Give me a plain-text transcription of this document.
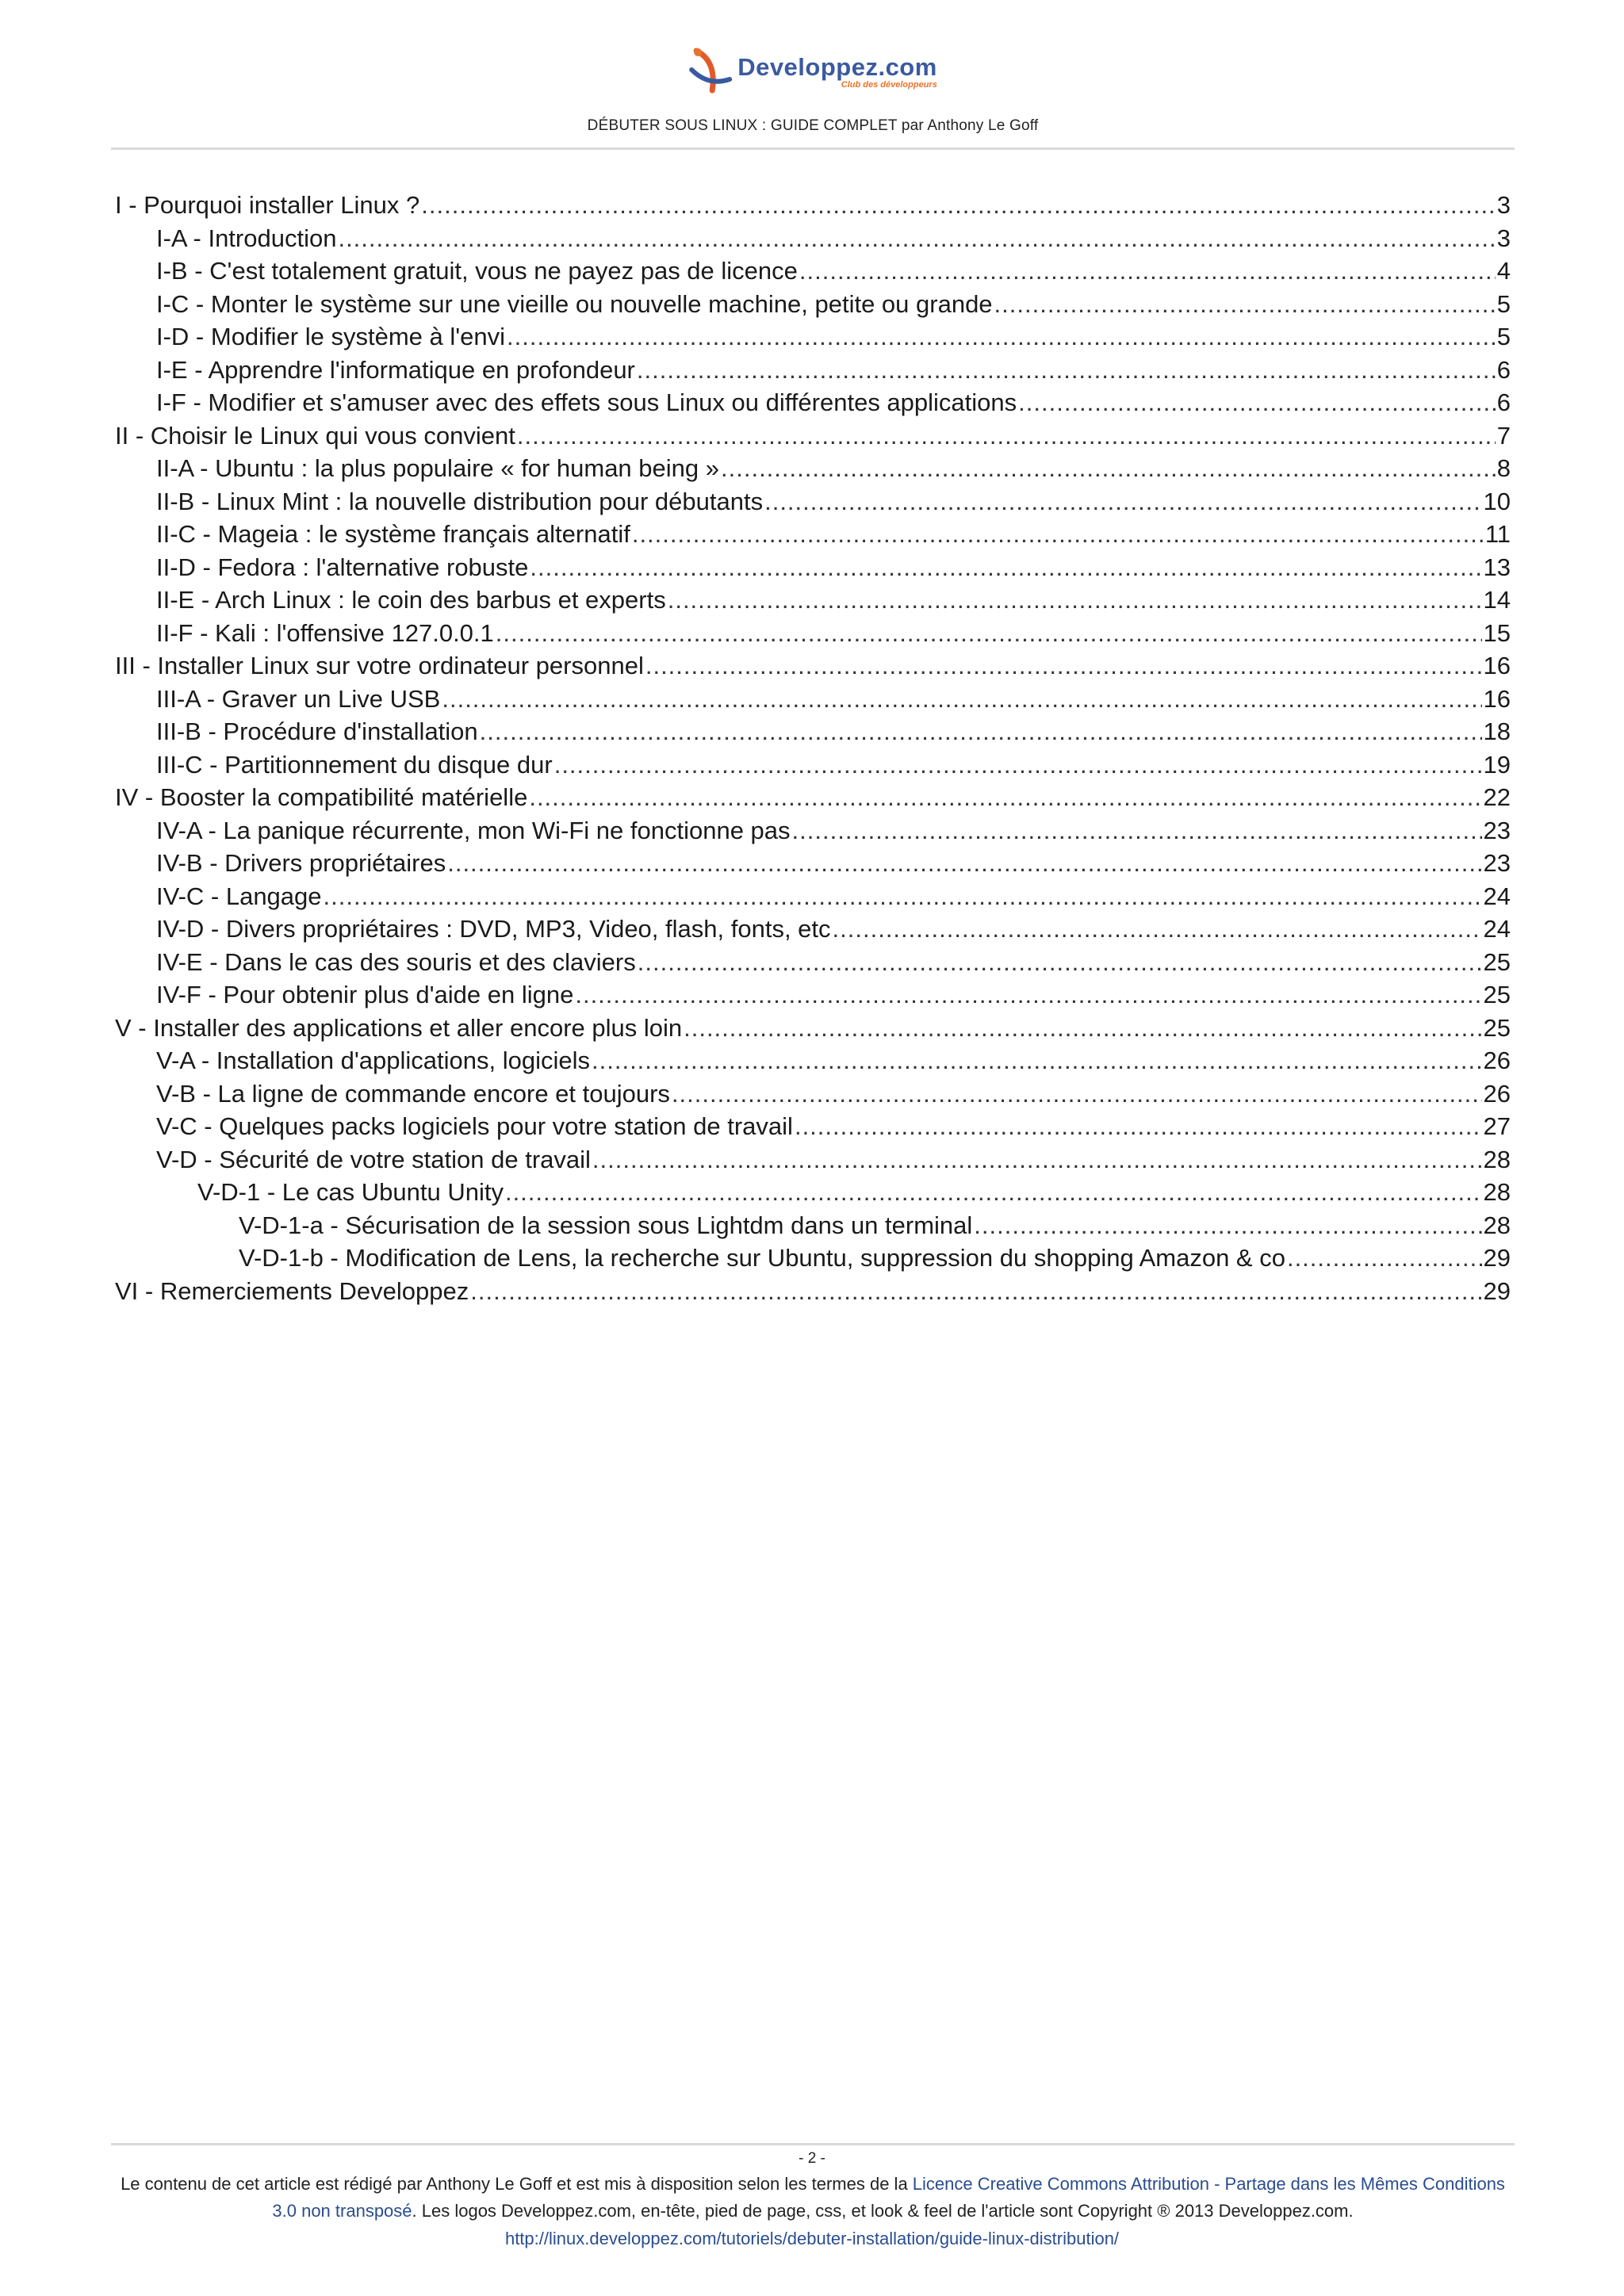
Developpez.com
Club des développeurs
DÉBUTER SOUS LINUX : GUIDE COMPLET par Anthony Le Goff
I - Pourquoi installer Linux ? .....	3
I-A - Introduction .....	3
I-B - C'est totalement gratuit, vous ne payez pas de licence .....	4
I-C - Monter le système sur une vieille ou nouvelle machine, petite ou grande .....	5
I-D - Modifier le système à l'envi .....	5
I-E - Apprendre l'informatique en profondeur .....	6
I-F - Modifier et s'amuser avec des effets sous Linux ou différentes applications .....	6
II - Choisir le Linux qui vous convient .....	7
II-A - Ubuntu : la plus populaire « for human being » .....	8
II-B - Linux Mint : la nouvelle distribution pour débutants .....	10
II-C - Mageia : le système français alternatif .....	11
II-D - Fedora : l'alternative robuste .....	13
II-E - Arch Linux : le coin des barbus et experts .....	14
II-F - Kali : l'offensive 127.0.0.1 .....	15
III - Installer Linux sur votre ordinateur personnel .....	16
III-A - Graver un Live USB .....	16
III-B - Procédure d'installation .....	18
III-C - Partitionnement du disque dur .....	19
IV - Booster la compatibilité matérielle .....	22
IV-A - La panique récurrente, mon Wi-Fi ne fonctionne pas .....	23
IV-B - Drivers propriétaires .....	23
IV-C - Langage .....	24
IV-D - Divers propriétaires : DVD, MP3, Video, flash, fonts, etc .....	24
IV-E - Dans le cas des souris et des claviers .....	25
IV-F - Pour obtenir plus d'aide en ligne .....	25
V - Installer des applications et aller encore plus loin .....	25
V-A - Installation d'applications, logiciels .....	26
V-B - La ligne de commande encore et toujours .....	26
V-C - Quelques packs logiciels pour votre station de travail .....	27
V-D - Sécurité de votre station de travail .....	28
V-D-1 - Le cas Ubuntu Unity .....	28
V-D-1-a - Sécurisation de la session sous Lightdm dans un terminal .....	28
V-D-1-b - Modification de Lens, la recherche sur Ubuntu, suppression du shopping Amazon & co .....	29
VI - Remerciements Developpez .....	29
- 2 -
Le contenu de cet article est rédigé par Anthony Le Goff et est mis à disposition selon les termes de la Licence Creative Commons Attribution - Partage dans les Mêmes Conditions 3.0 non transposé. Les logos Developpez.com, en-tête, pied de page, css, et look & feel de l'article sont Copyright ® 2013 Developpez.com.
http://linux.developpez.com/tutoriels/debuter-installation/guide-linux-distribution/
